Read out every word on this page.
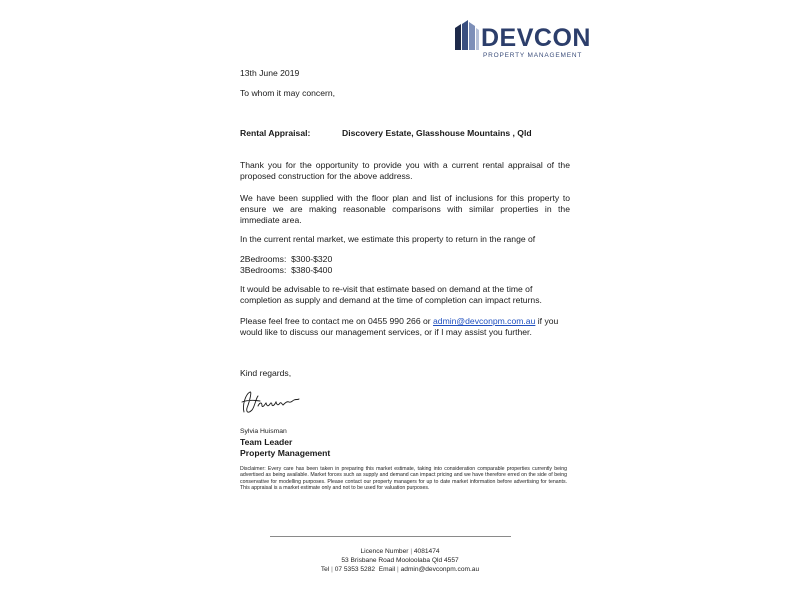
DEVCON
PROPERTY MANAGEMENT
13th June 2019
To whom it may concern,
Rental Appraisal:	Discovery Estate, Glasshouse Mountains , Qld
Thank you for the opportunity to provide you with a current rental appraisal of the proposed construction for the above address.
We have been supplied with the floor plan and list of inclusions for this property to ensure we are making reasonable comparisons with similar properties in the immediate area.
In the current rental market, we estimate this property to return in the range of
2Bedrooms: $300-$320
3Bedrooms: $380-$400
It would be advisable to re-visit that estimate based on demand at the time of completion as supply and demand at the time of completion can impact returns.
Please feel free to contact me on 0455 990 266 or admin@devconpm.com.au if you would like to discuss our management services, or if I may assist you further.
Kind regards,
Sylvia Huisman
Team Leader
Property Management
Disclaimer: Every care has been taken in preparing this market estimate, taking into consideration comparable properties currently being advertised as being available. Market forces such as supply and demand can impact pricing and we have therefore erred on the side of being conservative for modelling purposes. Please contact our property managers for up to date market information before advertising for tenants. This appraisal is a market estimate only and not to be used for valuation purposes.
Licence Number | 4081474
53 Brisbane Road Mooloolaba Qld 4557
Tel | 07 5353 5282 Email | admin@devconpm.com.au
